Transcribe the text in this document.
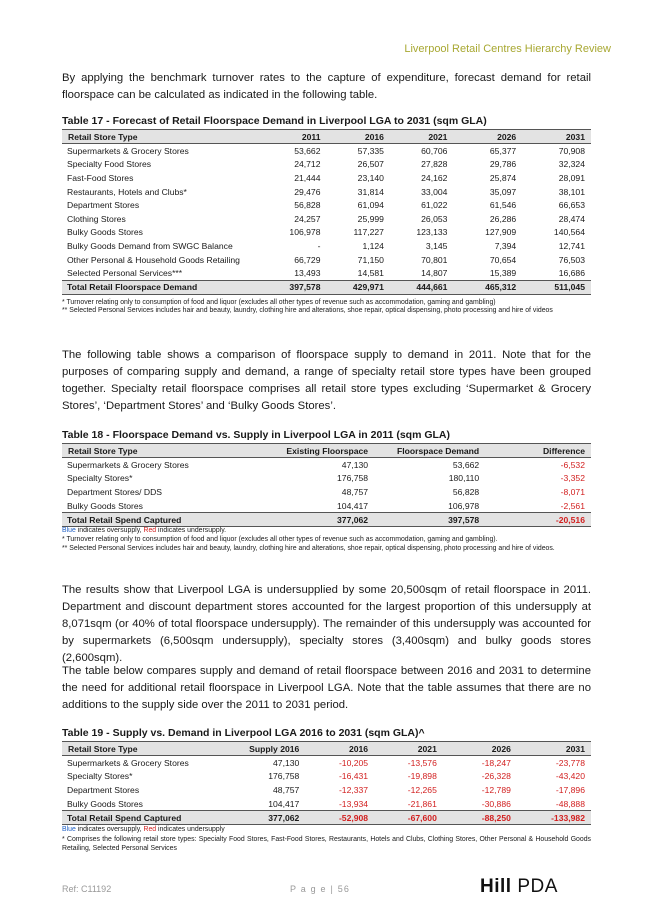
Liverpool Retail Centres Hierarchy Review
By applying the benchmark turnover rates to the capture of expenditure, forecast demand for retail floorspace can be calculated as indicated in the following table.
Table 17 - Forecast of Retail Floorspace Demand in Liverpool LGA to 2031 (sqm GLA)
Retail Store Type	2011	2016	2021	2026	2031
Supermarkets & Grocery Stores	53,662	57,335	60,706	65,377	70,908
Specialty Food Stores	24,712	26,507	27,828	29,786	32,324
Fast-Food Stores	21,444	23,140	24,162	25,874	28,091
Restaurants, Hotels and Clubs*	29,476	31,814	33,004	35,097	38,101
Department Stores	56,828	61,094	61,022	61,546	66,653
Clothing Stores	24,257	25,999	26,053	26,286	28,474
Bulky Goods Stores	106,978	117,227	123,133	127,909	140,564
Bulky Goods Demand from SWGC Balance	-	1,124	3,145	7,394	12,741
Other Personal & Household Goods Retailing	66,729	71,150	70,801	70,654	76,503
Selected Personal Services***	13,493	14,581	14,807	15,389	16,686
Total Retail Floorspace Demand	397,578	429,971	444,661	465,312	511,045
* Turnover relating only to consumption of food and liquor (excludes all other types of revenue such as accommodation, gaming and gambling)
** Selected Personal Services includes hair and beauty, laundry, clothing hire and alterations, shoe repair, optical dispensing, photo processing and hire of videos
The following table shows a comparison of floorspace supply to demand in 2011. Note that for the purposes of comparing supply and demand, a range of specialty retail store types have been grouped together. Specialty retail floorspace comprises all retail store types excluding ‘Supermarket & Grocery Stores’, ‘Department Stores’ and ‘Bulky Goods Stores’.
Table 18 - Floorspace Demand vs. Supply in Liverpool LGA in 2011 (sqm GLA)
Retail Store Type	Existing Floorspace	Floorspace Demand	Difference
Supermarkets & Grocery Stores	47,130	53,662	-6,532
Specialty Stores*	176,758	180,110	-3,352
Department Stores/ DDS	48,757	56,828	-8,071
Bulky Goods Stores	104,417	106,978	-2,561
Total Retail Spend Captured	377,062	397,578	-20,516
Blue indicates oversupply, Red indicates undersupply.
* Turnover relating only to consumption of food and liquor (excludes all other types of revenue such as accommodation, gaming and gambling).
** Selected Personal Services includes hair and beauty, laundry, clothing hire and alterations, shoe repair, optical dispensing, photo processing and hire of videos.
The results show that Liverpool LGA is undersupplied by some 20,500sqm of retail floorspace in 2011. Department and discount department stores accounted for the largest proportion of this undersupply at 8,071sqm (or 40% of total floorspace undersupply). The remainder of this undersupply was accounted for by supermarkets (6,500sqm undersupply), specialty stores (3,400sqm) and bulky goods stores (2,600sqm).
The table below compares supply and demand of retail floorspace between 2016 and 2031 to determine the need for additional retail floorspace in Liverpool LGA. Note that the table assumes that there are no additions to the supply side over the 2011 to 2031 period.
Table 19 - Supply vs. Demand in Liverpool LGA 2016 to 2031 (sqm GLA)^
Retail Store Type	Supply 2016	2016	2021	2026	2031
Supermarkets & Grocery Stores	47,130	-10,205	-13,576	-18,247	-23,778
Specialty Stores*	176,758	-16,431	-19,898	-26,328	-43,420
Department Stores	48,757	-12,337	-12,265	-12,789	-17,896
Bulky Goods Stores	104,417	-13,934	-21,861	-30,886	-48,888
Total Retail Spend Captured	377,062	-52,908	-67,600	-88,250	-133,982
Blue indicates oversupply, Red indicates undersupply
* Comprises the following retail store types: Specialty Food Stores, Fast-Food Stores, Restaurants, Hotels and Clubs, Clothing Stores, Other Personal & Household Goods Retailing, Selected Personal Services
Ref: C11192	P a g e | 56	Hill PDA
